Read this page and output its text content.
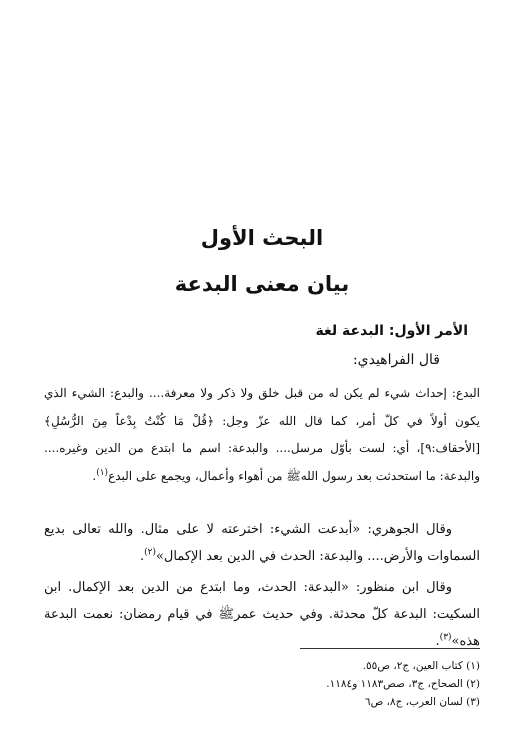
البحث الأول
بيان معنى البدعة
الأمر الأول: البدعة لغة
قال الفراهيدي:
البدع: إحداث شيء لم يكن له من قبل خلق ولا ذكر ولا معرفة.... والبدع: الشيء الذي يكون أولاً في كلّ أمر، كما قال الله عزّ وجل: ﴿قُلْ مَا كُنْتُ بِدْعاً مِنَ الرُّسُلِ﴾ [الأحقاف:٩]، أي: لست بأوّل مرسل.... والبدعة: اسم ما ابتدع من الدين وغيره.... والبدعة: ما استحدثت بعد رسول اللهﷺ من أهواء وأعمال، ويجمع على البدع$^{(١)}$.
وقال الجوهري: «أبدعت الشيء: اخترعته لا على مثال. والله تعالى بديع السماوات والأرض.... والبدعة: الحدث في الدين بعد الإكمال»$^{(٢)}$.
وقال ابن منظور: «البدعة: الحدث، وما ابتدع من الدين بعد الإكمال. ابن السكيت: البدعة كلّ محدثة. وفي حديث عمرﷺ في قيام رمضان: نعمت البدعة هذه»$^{(٣)}$.
(١) كتاب العين، ج٢، ص٥٥.
(٢) الصحاح، ج٣، صص١١٨٣ و١١٨٤.
(٣) لسان العرب، ج٨، ص٦
